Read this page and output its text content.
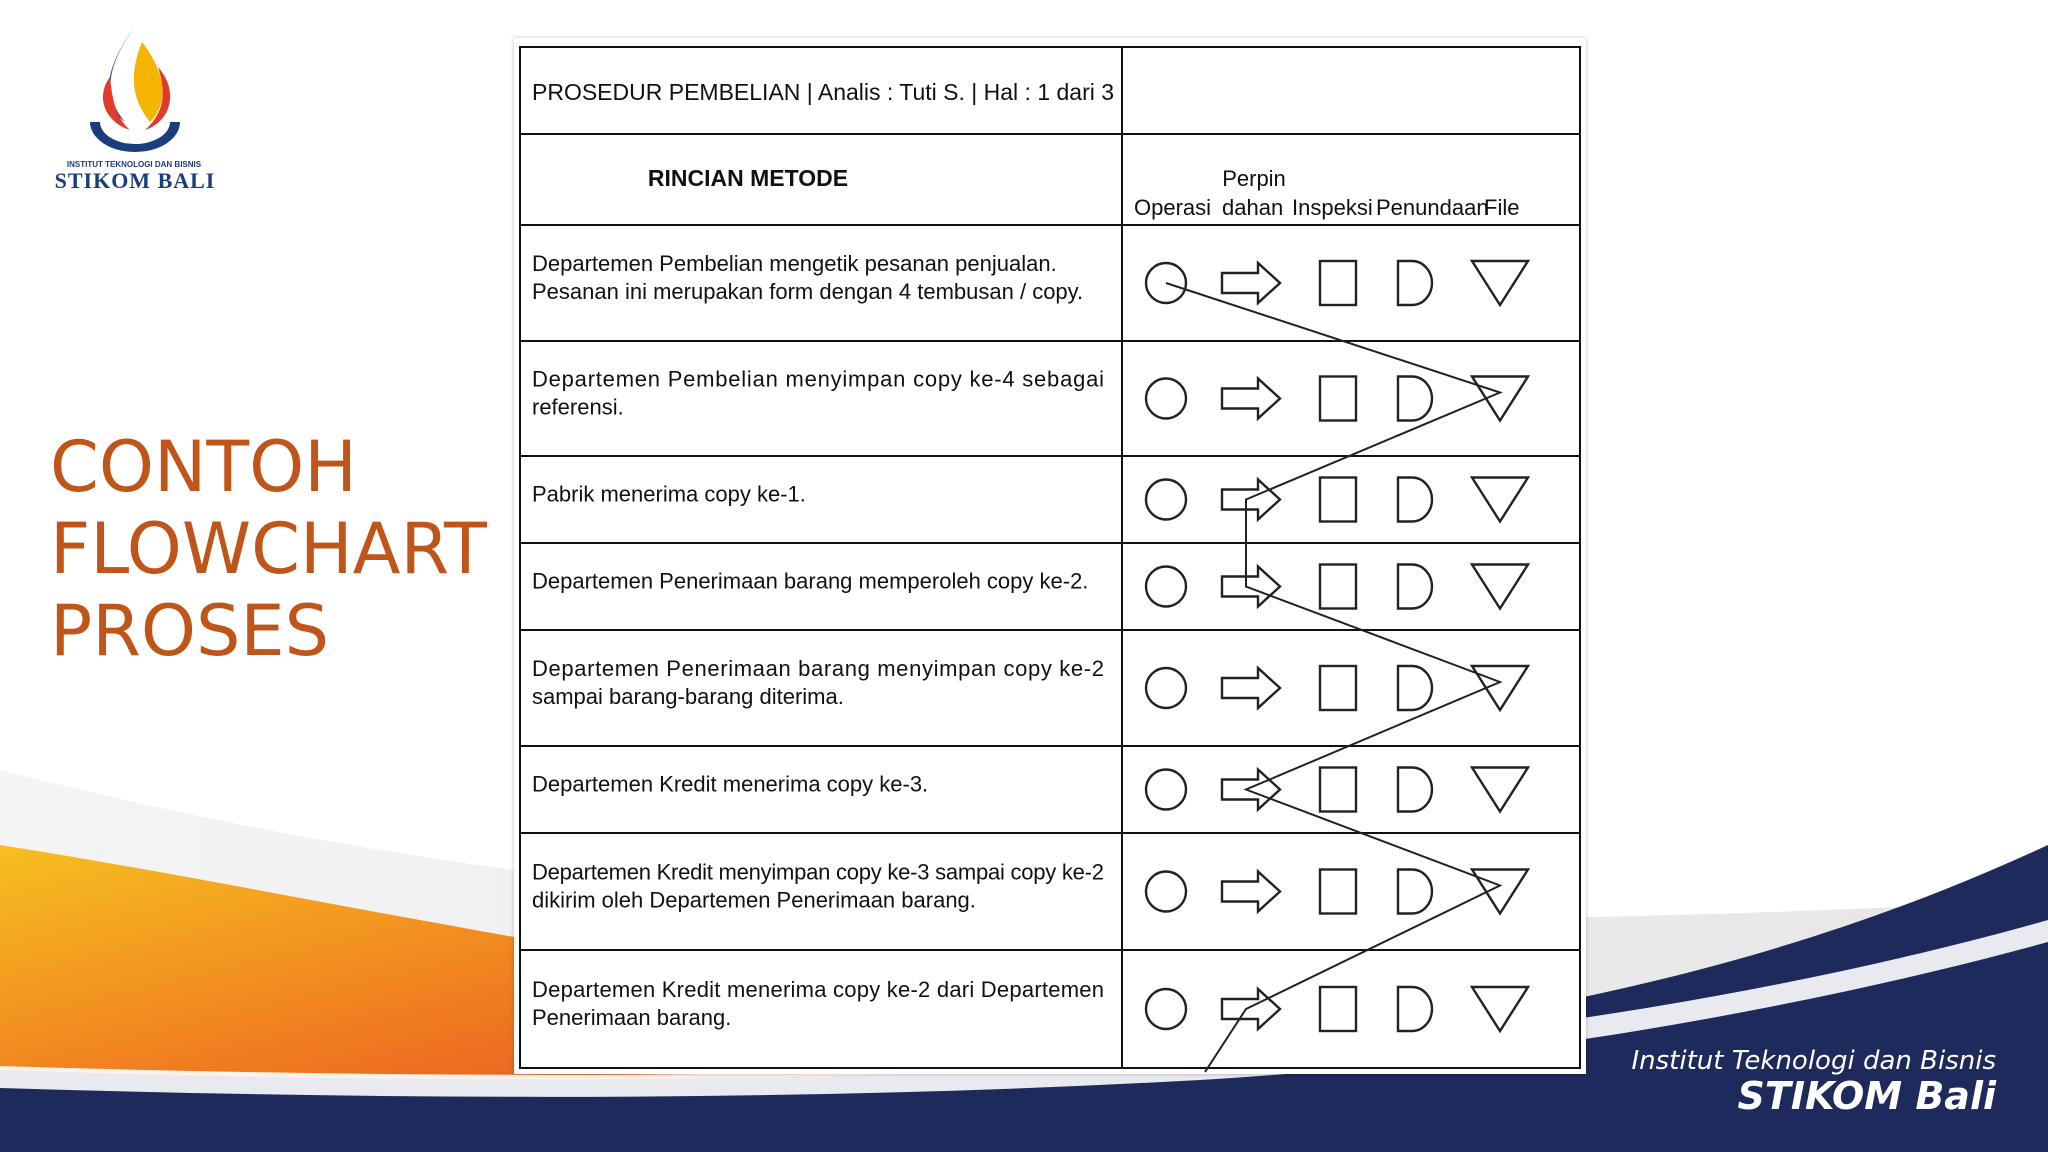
INSTITUT TEKNOLOGI DAN BISNIS
STIKOM BALI
CONTOH
FLOWCHART
PROSES
Institut Teknologi dan Bisnis
STIKOM Bali
PROSEDUR PEMBELIAN | Analis : Tuti S. | Hal : 1 dari 3
RINCIAN METODE	Perpin
Operasi dahan Inspeksi Penundaan
File
Departemen Pembelian mengetik pesanan penjualan.
Pesanan ini merupakan form dengan 4 tembusan / copy.
Departemen Pembelian menyimpan copy ke-4 sebagai
referensi.
Pabrik menerima copy ke-1.
Departemen Penerimaan barang memperoleh copy ke-2.
Departemen Penerimaan barang menyimpan copy ke-2
sampai barang-barang diterima.
Departemen Kredit menerima copy ke-3.
Departemen Kredit menyimpan copy ke-3 sampai copy ke-2
dikirim oleh Departemen Penerimaan barang.
Departemen Kredit menerima copy ke-2 dari Departemen
Penerimaan barang.
